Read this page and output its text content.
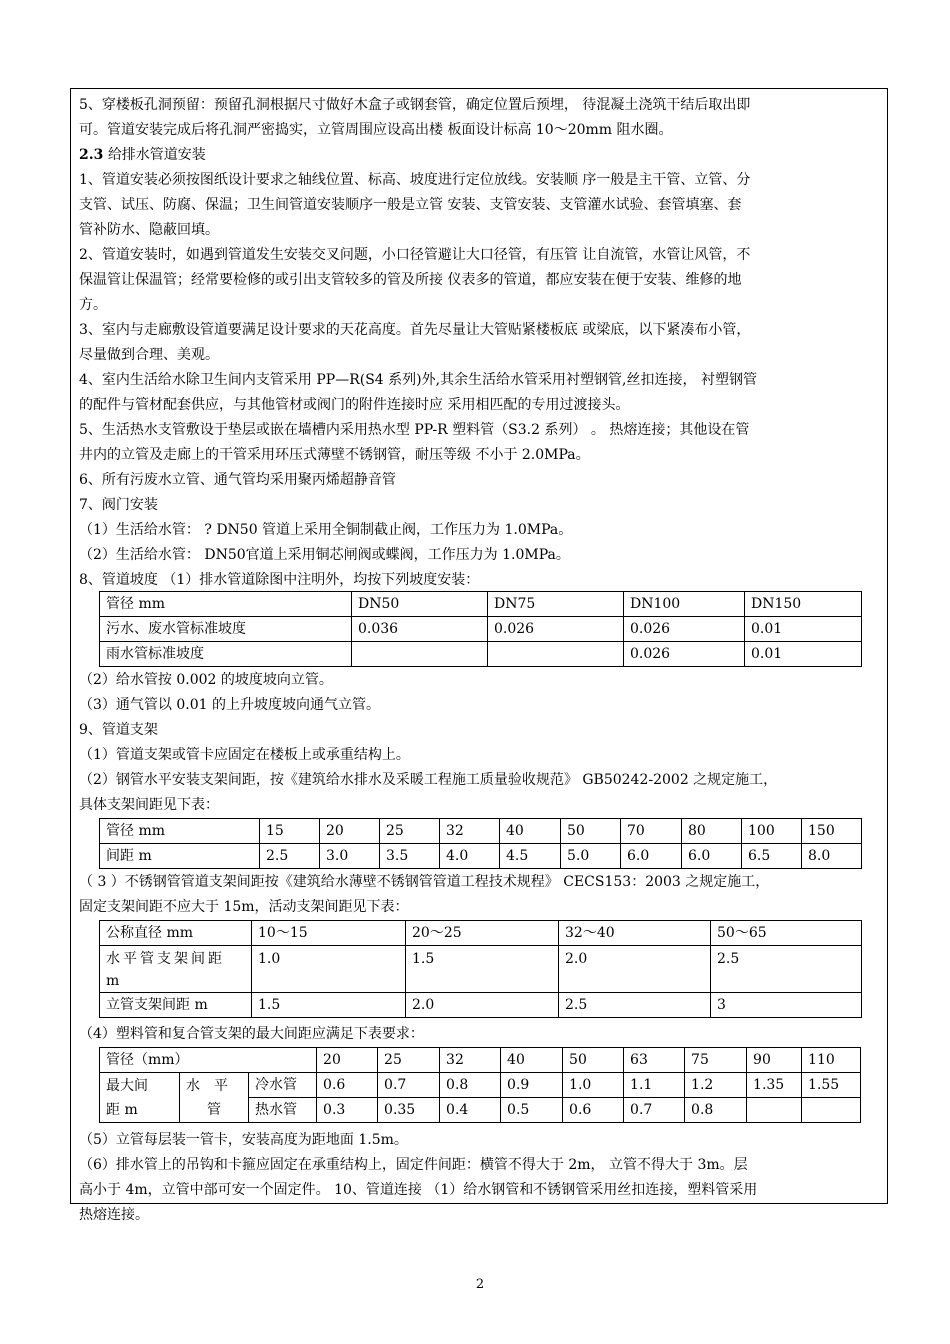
5、穿楼板孔洞预留：预留孔洞根据尺寸做好木盒子或钢套管，确定位置后预埋， 待混凝土浇筑干结后取出即
可。管道安装完成后将孔洞严密捣实，立管周围应设高出楼 板面设计标高 10～20mm 阻水圈。
2.3 给排水管道安装
1、管道安装必须按图纸设计要求之轴线位置、标高、坡度进行定位放线。安装顺 序一般是主干管、立管、分
支管、试压、防腐、保温；卫生间管道安装顺序一般是立管 安装、支管安装、支管灌水试验、套管填塞、套
管补防水、隐蔽回填。
2、管道安装时，如遇到管道发生安装交叉问题，小口径管避让大口径管，有压管 让自流管，水管让风管，不
保温管让保温管；经常要检修的或引出支管较多的管及所接 仪表多的管道，都应安装在便于安装、维修的地
方。
3、室内与走廊敷设管道要满足设计要求的天花高度。首先尽量让大管贴紧楼板底 或梁底，以下紧凑布小管，
尽量做到合理、美观。
4、室内生活给水除卫生间内支管采用 PP—R(S4 系列)外,其余生活给水管采用衬塑钢管,丝扣连接， 衬塑钢管
的配件与管材配套供应，与其他管材或阀门的附件连接时应 采用相匹配的专用过渡接头。
5、生活热水支管敷设于垫层或嵌在墙槽内采用热水型 PP-R 塑料管（S3.2 系列） 。 热熔连接；其他设在管
井内的立管及走廊上的干管采用环压式薄壁不锈钢管，耐压等级 不小于 2.0MPa。
6、所有污废水立管、通气管均采用聚丙烯超静音管
7、阀门安装
（1）生活给水管： ? DN50 管道上采用全铜制截止阀，工作压力为 1.0MPa。
（2）生活给水管： DN50官道上采用铜芯闸阀或蝶阀，工作压力为 1.0MPa。
8、管道坡度 （1）排水管道除图中注明外，均按下列坡度安装：
管径 mm	DN50	DN75	DN100	DN150
污水、废水管标准坡度	0.036	0.026	0.026	0.01
雨水管标准坡度			0.026	0.01
（2）给水管按 0.002 的坡度坡向立管。
（3）通气管以 0.01 的上升坡度坡向通气立管。
9、管道支架
（1）管道支架或管卡应固定在楼板上或承重结构上。
（2）钢管水平安装支架间距，按《建筑给水排水及采暖工程施工质量验收规范》 GB50242-2002 之规定施工，
具体支架间距见下表：
管径 mm	15	20	25	32	40	50	70	80	100	150
间距 m	2.5	3.0	3.5	4.0	4.5	5.0	6.0	6.0	6.5	8.0
（ 3 ）不锈钢管管道支架间距按《建筑给水薄壁不锈钢管管道工程技术规程》 CECS153：2003 之规定施工，
固定支架间距不应大于 15m，活动支架间距见下表：
公称直径 mm	10～15	20～25	32～40	50～65
水平管支架间距
m	1.0	1.5	2.0	2.5
立管支架间距 m	1.5	2.0	2.5	3
（4）塑料管和复合管支架的最大间距应满足下表要求：
管径（mm）			20	25	32	40	50	63	75	90	110
最大间
距 m	水平
管	冷水管	0.6	0.7	0.8	0.9	1.0	1.1	1.2	1.35	1.55
		热水管	0.3	0.35	0.4	0.5	0.6	0.7	0.8		
（5）立管每层装一管卡，安装高度为距地面 1.5m。
（6）排水管上的吊钩和卡箍应固定在承重结构上，固定件间距：横管不得大于 2m， 立管不得大于 3m。层
高小于 4m，立管中部可安一个固定件。 10、管道连接 （1）给水钢管和不锈钢管采用丝扣连接，塑料管采用
热熔连接。
2
